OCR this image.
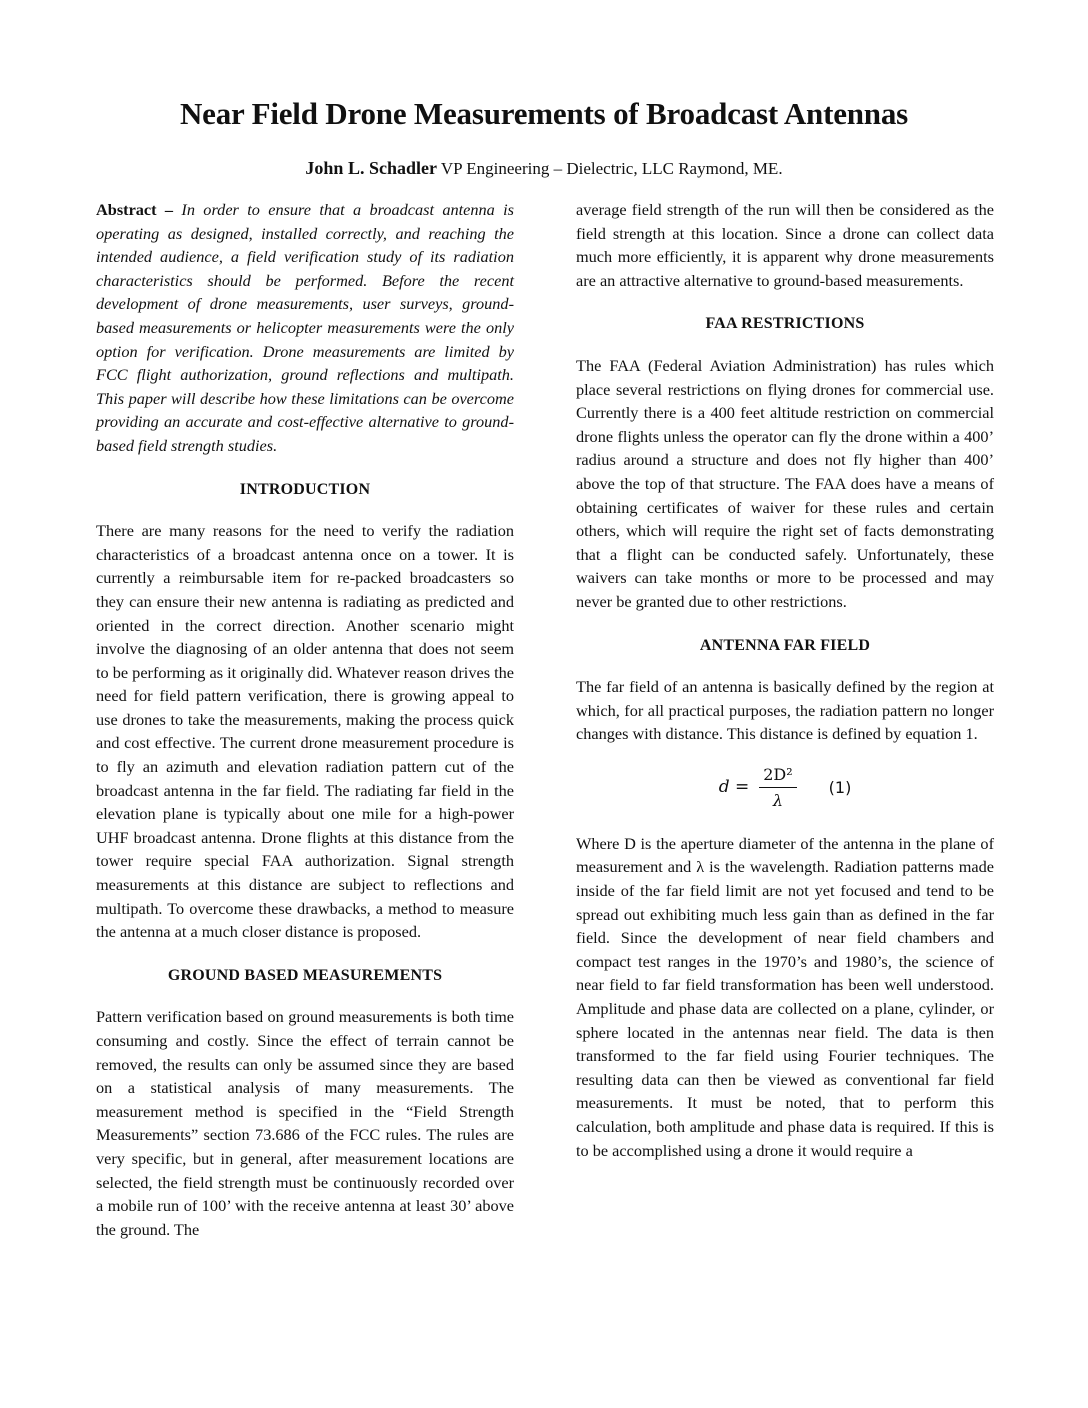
Near Field Drone Measurements of Broadcast Antennas
John L. Schadler VP Engineering – Dielectric, LLC Raymond, ME.

Abstract – In order to ensure that a broadcast antenna is operating as designed, installed correctly, and reaching the intended audience, a field verification study of its radiation characteristics should be performed. Before the recent development of drone measurements, user surveys, ground-based measurements or helicopter measurements were the only option for verification. Drone measurements are limited by FCC flight authorization, ground reflections and multipath. This paper will describe how these limitations can be overcome providing an accurate and cost-effective alternative to ground-based field strength studies.

INTRODUCTION

There are many reasons for the need to verify the radiation characteristics of a broadcast antenna once on a tower. It is currently a reimbursable item for re-packed broadcasters so they can ensure their new antenna is radiating as predicted and oriented in the correct direction. Another scenario might involve the diagnosing of an older antenna that does not seem to be performing as it originally did. Whatever reason drives the need for field pattern verification, there is growing appeal to use drones to take the measurements, making the process quick and cost effective. The current drone measurement procedure is to fly an azimuth and elevation radiation pattern cut of the broadcast antenna in the far field. The radiating far field in the elevation plane is typically about one mile for a high-power UHF broadcast antenna. Drone flights at this distance from the tower require special FAA authorization. Signal strength measurements at this distance are subject to reflections and multipath. To overcome these drawbacks, a method to measure the antenna at a much closer distance is proposed.

GROUND BASED MEASUREMENTS

Pattern verification based on ground measurements is both time consuming and costly. Since the effect of terrain cannot be removed, the results can only be assumed since they are based on a statistical analysis of many measurements. The measurement method is specified in the “Field Strength Measurements” section 73.686 of the FCC rules. The rules are very specific, but in general, after measurement locations are selected, the field strength must be continuously recorded over a mobile run of 100’ with the receive antenna at least 30’ above the ground. The

average field strength of the run will then be considered as the field strength at this location. Since a drone can collect data much more efficiently, it is apparent why drone measurements are an attractive alternative to ground-based measurements.

FAA RESTRICTIONS

The FAA (Federal Aviation Administration) has rules which place several restrictions on flying drones for commercial use. Currently there is a 400 feet altitude restriction on commercial drone flights unless the operator can fly the drone within a 400’ radius around a structure and does not fly higher than 400’ above the top of that structure. The FAA does have a means of obtaining certificates of waiver for these rules and certain others, which will require the right set of facts demonstrating that a flight can be conducted safely. Unfortunately, these waivers can take months or more to be processed and may never be granted due to other restrictions.

ANTENNA FAR FIELD

The far field of an antenna is basically defined by the region at which, for all practical purposes, the radiation pattern no longer changes with distance. This distance is defined by equation 1.

$d = \frac{\text{2D²}}{\lambda} (1)$

Where D is the aperture diameter of the antenna in the plane of measurement and λ is the wavelength. Radiation patterns made inside of the far field limit are not yet focused and tend to be spread out exhibiting much less gain than as defined in the far field. Since the development of near field chambers and compact test ranges in the 1970’s and 1980’s, the science of near field to far field transformation has been well understood. Amplitude and phase data are collected on a plane, cylinder, or sphere located in the antennas near field. The data is then transformed to the far field using Fourier techniques. The resulting data can then be viewed as conventional far field measurements. It must be noted, that to perform this calculation, both amplitude and phase data is required. If this is to be accomplished using a drone it would require a
